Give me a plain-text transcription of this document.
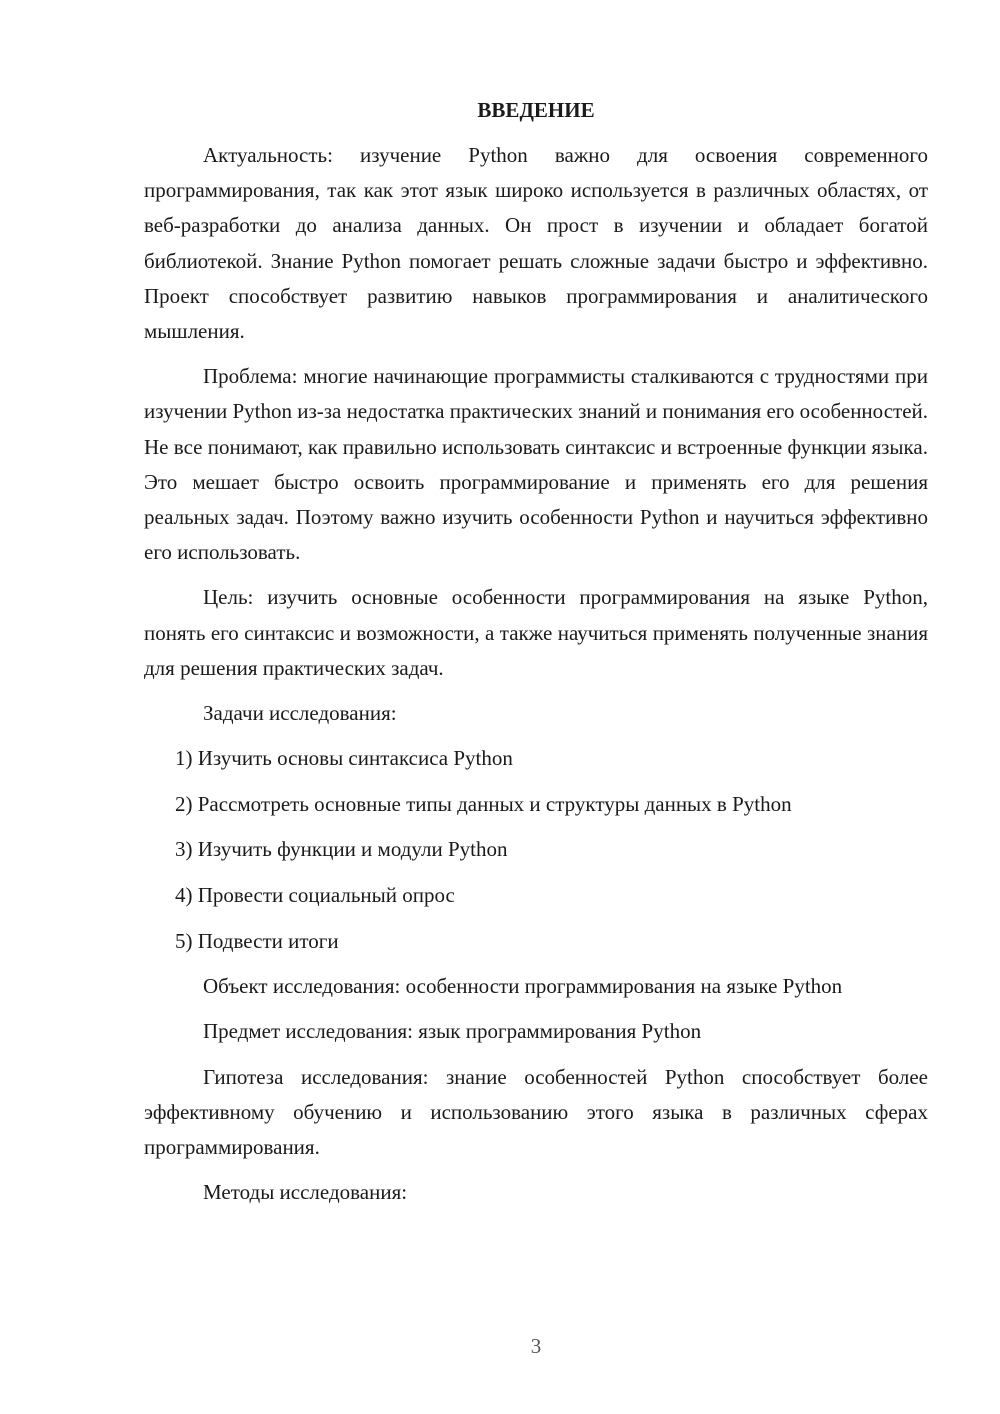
ВВЕДЕНИЕ

Актуальность: изучение Python важно для освоения современного программирования, так как этот язык широко используется в различных областях, от веб-разработки до анализа данных. Он прост в изучении и обладает богатой библиотекой. Знание Python помогает решать сложные задачи быстро и эффективно. Проект способствует развитию навыков программирования и аналитического мышления.

Проблема: многие начинающие программисты сталкиваются с трудностями при изучении Python из-за недостатка практических знаний и понимания его особенностей. Не все понимают, как правильно использовать синтаксис и встроенные функции языка. Это мешает быстро освоить программирование и применять его для решения реальных задач. Поэтому важно изучить особенности Python и научиться эффективно его использовать.

Цель: изучить основные особенности программирования на языке Python, понять его синтаксис и возможности, а также научиться применять полученные знания для решения практических задач.

Задачи исследования:

1) Изучить основы синтаксиса Python
2) Рассмотреть основные типы данных и структуры данных в Python
3) Изучить функции и модули Python
4) Провести социальный опрос
5) Подвести итоги

Объект исследования: особенности программирования на языке Python

Предмет исследования: язык программирования Python

Гипотеза исследования: знание особенностей Python способствует более эффективному обучению и использованию этого языка в различных сферах программирования.

Методы исследования:

3
